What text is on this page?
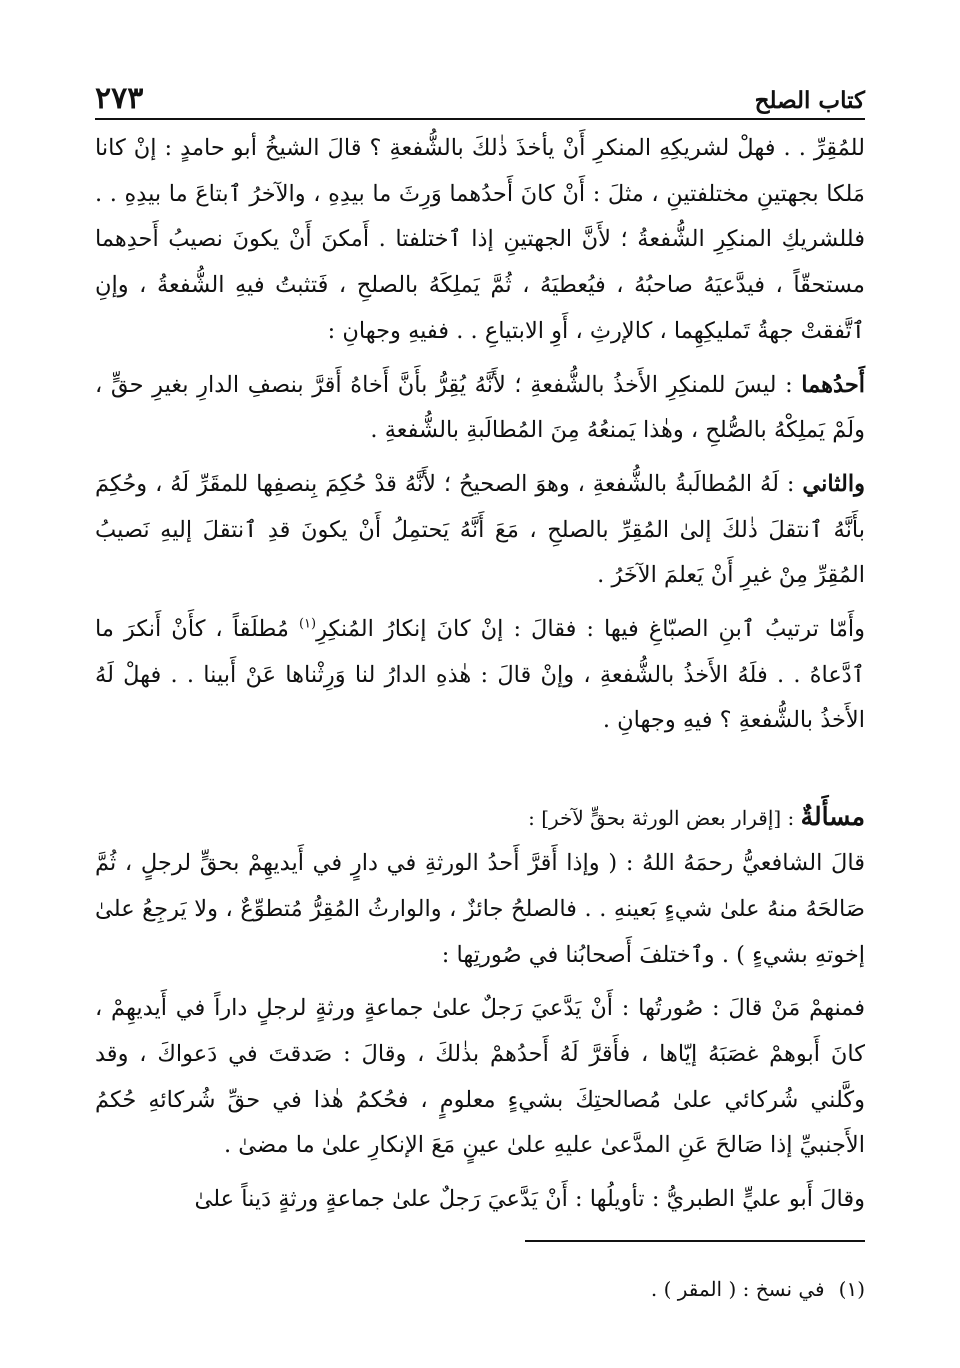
كتاب الصلح
٢٧٣

للمُقِرِّ . . فهلْ لشريكِهِ المنكرِ أَنْ يأخذَ ذٰلكَ بالشُّفعةِ ؟ قالَ الشيخُ أبو حامدٍ : إنْ كانا مَلكا بجهتينِ مختلفتينِ ، مثلَ : أَنْ كانَ أَحدُهما وَرِثَ ما بيدِهِ ، والآخرُ ٱبتاعَ ما بيدِهِ . . فللشريكِ المنكِرِ الشُّفعةُ ؛ لأَنَّ الجهتينِ إذا ٱختلفتا . أَمكنَ أَنْ يكونَ نصيبُ أَحدِهما مستحقّاً ، فيدَّعيَهُ صاحبُهُ ، فيُعطيَهُ ، ثُمَّ يَملِكَهُ بالصلحِ ، فَتثبتُ فيهِ الشُّفعةُ ، وإنِ ٱتَّفقتْ جهةُ تَمليكِهِما ، كالإرثِ ، أَوِ الابتياعِ . . ففيهِ وجهانِ :

أَحدُهما : ليسَ للمنكِرِ الأَخذُ بالشُّفعةِ ؛ لأَنَّهُ يُقِرُّ بأَنَّ أَخاهُ أَقرَّ بنصفِ الدارِ بغيرِ حقٍّ ، ولَمْ يَملِكْهُ بالصُّلحِ ، وهٰذا يَمنعُهُ مِنَ المُطالَبةِ بالشُّفعةِ .

والثاني : لَهُ المُطالَبةُ بالشُّفعةِ ، وهوَ الصحيحُ ؛ لأَنَّهُ قدْ حُكِمَ بِنصفِها للمقَرِّ لَهُ ، وحُكِمَ بأَنَّهُ ٱنتقلَ ذٰلكَ إلىٰ المُقِرِّ بالصلحِ ، مَعَ أَنَّهُ يَحتمِلُ أَنْ يكونَ قدِ ٱنتقلَ إليهِ نَصيبُ المُقِرِّ مِنْ غيرِ أَنْ يَعلمَ الآخَرُ .

وأَمّا ترتيبُ ٱبنِ الصبّاغِ فيها : فقالَ : إنْ كانَ إنكارُ المُنكِرِ$^{(١)}$ مُطلَقاً ، كأَنْ أَنكرَ ما ٱدَّعاهُ . . فلَهُ الأَخذُ بالشُّفعةِ ، وإنْ قالَ : هٰذهِ الدارُ لنا وَرِثْناها عَنْ أَبينا . . فهلْ لَهُ الأَخذُ بالشُّفعةِ ؟ فيهِ وجهانِ .

مسأَلةٌ : [إقرار بعض الورثة بحقٍّ لآخر] :

قالَ الشافعيُّ رحمَهُ اللهُ : ( وإذا أَقرَّ أَحدُ الورثةِ في دارٍ في أَيديهِمْ بحقٍّ لرجلٍ ، ثُمَّ صَالحَهُ منهُ علىٰ شيءٍ بَعينهِ . . فالصلحُ جائزٌ ، والوارثُ المُقِرُّ مُتطوِّعٌ ، ولا يَرجِعُ علىٰ إخوتهِ بشيءٍ ) . وٱختلفَ أَصحابُنا في صُورتِها :

فمنهمْ مَنْ قالَ : صُورتُها : أَنْ يَدَّعيَ رَجلٌ علىٰ جماعةٍ ورثةٍ لرجلٍ داراً في أَيديهِمْ ، كانَ أَبوهمْ غصَبَهُ إيّاها ، فأَقرَّ لَهُ أَحدُهمْ بذٰلكَ ، وقالَ : صَدقتَ في دَعواكَ ، وقد وكَّلني شُركائي علىٰ مُصالحتِكَ بشيءٍ معلومٍ ، فحُكمُ هٰذا في حقِّ شُركائهِ حُكمُ الأَجنبيِّ إذا صَالحَ عَنِ المدَّعىٰ عليهِ علىٰ عينٍ مَعَ الإنكارِ علىٰ ما مضىٰ .

وقالَ أَبو عليٍّ الطبريُّ : تأويلُها : أَنْ يَدَّعيَ رَجلٌ علىٰ جماعةٍ ورثةٍ دَيناً علىٰ

(١)في نسخ : ( المقر ) .
